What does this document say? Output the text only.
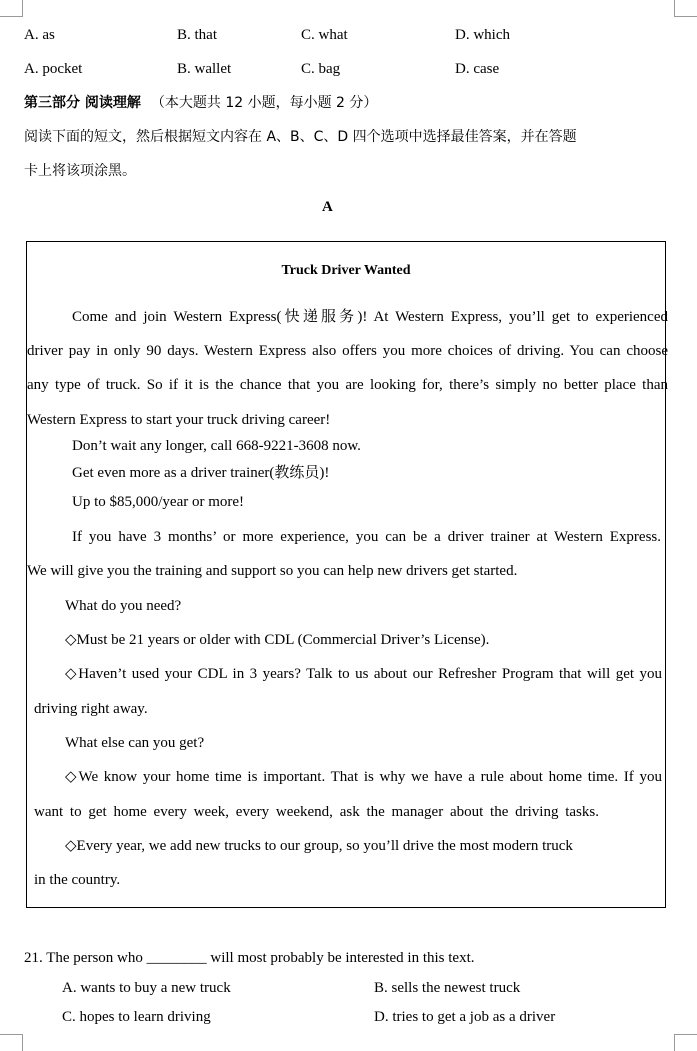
A. as	B. that	C. what	D. which
A. pocket	B. wallet	C. bag	D. case
第三部分 阅读理解 （本大题共 12 小题，每小题 2 分）
阅读下面的短文，然后根据短文内容在 A、B、C、D 四个选项中选择最佳答案，并在答题
卡上将该项涂黑。
A
Truck Driver Wanted
Come and join Western Express(快递服务)! At Western Express, you’ll get to experienced
driver pay in only 90 days. Western Express also offers you more choices of driving. You can choose
any type of truck. So if it is the chance that you are looking for, there’s simply no better place than
Western Express to start your truck driving career!
Don’t wait any longer, call 668-9221-3608 now.
Get even more as a driver trainer(教练员)!
Up to $85,000/year or more!
If you have 3 months’ or more experience, you can be a driver trainer at Western Express.
We will give you the training and support so you can help new drivers get started.
What do you need?
◇Must be 21 years or older with CDL (Commercial Driver’s License).
◇Haven’t used your CDL in 3 years? Talk to us about our Refresher Program that will get you
driving right away.
What else can you get?
◇We know your home time is important. That is why we have a rule about home time. If you
want to get home every week, every weekend, ask the manager about the driving tasks.
◇Every year, we add new trucks to our group, so you’ll drive the most modern truck
in the country.
21. The person who ________ will most probably be interested in this text.
A. wants to buy a new truck	B. sells the newest truck
C. hopes to learn driving	D. tries to get a job as a driver
